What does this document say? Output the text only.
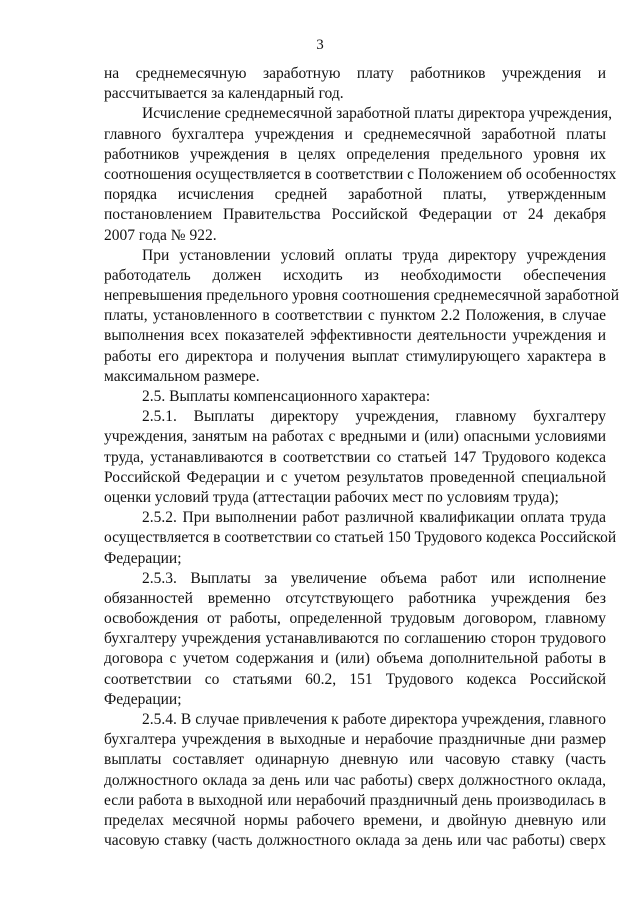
3
на среднемесячную заработную плату работников учреждения и
рассчитывается за календарный год.
Исчисление среднемесячной заработной платы директора учреждения,
главного бухгалтера учреждения и среднемесячной заработной платы
работников учреждения в целях определения предельного уровня их
соотношения осуществляется в соответствии с Положением об особенностях
порядка исчисления средней заработной платы, утвержденным
постановлением Правительства Российской Федерации от 24 декабря
2007 года № 922.
При установлении условий оплаты труда директору учреждения
работодатель должен исходить из необходимости обеспечения
непревышения предельного уровня соотношения среднемесячной заработной
платы, установленного в соответствии с пунктом 2.2 Положения, в случае
выполнения всех показателей эффективности деятельности учреждения и
работы его директора и получения выплат стимулирующего характера в
максимальном размере.
2.5. Выплаты компенсационного характера:
2.5.1. Выплаты директору учреждения, главному бухгалтеру
учреждения, занятым на работах с вредными и (или) опасными условиями
труда, устанавливаются в соответствии со статьей 147 Трудового кодекса
Российской Федерации и с учетом результатов проведенной специальной
оценки условий труда (аттестации рабочих мест по условиям труда);
2.5.2. При выполнении работ различной квалификации оплата труда
осуществляется в соответствии со статьей 150 Трудового кодекса Российской
Федерации;
2.5.3. Выплаты за увеличение объема работ или исполнение
обязанностей временно отсутствующего работника учреждения без
освобождения от работы, определенной трудовым договором, главному
бухгалтеру учреждения устанавливаются по соглашению сторон трудового
договора с учетом содержания и (или) объема дополнительной работы в
соответствии со статьями 60.2, 151 Трудового кодекса Российской
Федерации;
2.5.4. В случае привлечения к работе директора учреждения, главного
бухгалтера учреждения в выходные и нерабочие праздничные дни размер
выплаты составляет одинарную дневную или часовую ставку (часть
должностного оклада за день или час работы) сверх должностного оклада,
если работа в выходной или нерабочий праздничный день производилась в
пределах месячной нормы рабочего времени, и двойную дневную или
часовую ставку (часть должностного оклада за день или час работы) сверх
